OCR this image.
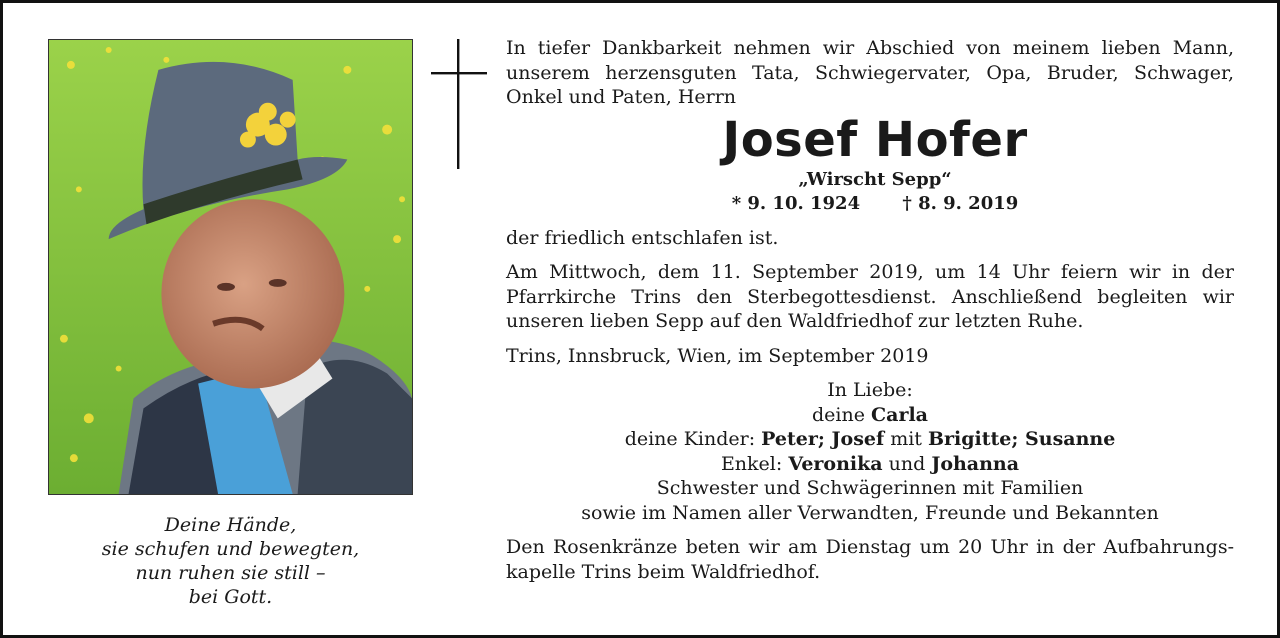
Deine Hände,
sie schufen und bewegten,
nun ruhen sie still –
bei Gott.
In tiefer Dankbarkeit nehmen wir Abschied von meinem lieben Mann,
unserem herzensguten Tata, Schwiegervater, Opa, Bruder, Schwager,
Onkel und Paten, Herrn
Josef Hofer
„Wirscht Sepp“
* 9. 10. 1924 † 8. 9. 2019
der friedlich entschlafen ist.
Am Mittwoch, dem 11. September 2019, um 14 Uhr feiern wir in der
Pfarrkirche Trins den Sterbegottesdienst. Anschließend begleiten wir
unseren lieben Sepp auf den Waldfriedhof zur letzten Ruhe.
Trins, Innsbruck, Wien, im September 2019
In Liebe:
deine Carla
deine Kinder: Peter; Josef mit Brigitte; Susanne
Enkel: Veronika und Johanna
Schwester und Schwägerinnen mit Familien
sowie im Namen aller Verwandten, Freunde und Bekannten
Den Rosenkränze beten wir am Dienstag um 20 Uhr in der Aufbahrungs-
kapelle Trins beim Waldfriedhof.
